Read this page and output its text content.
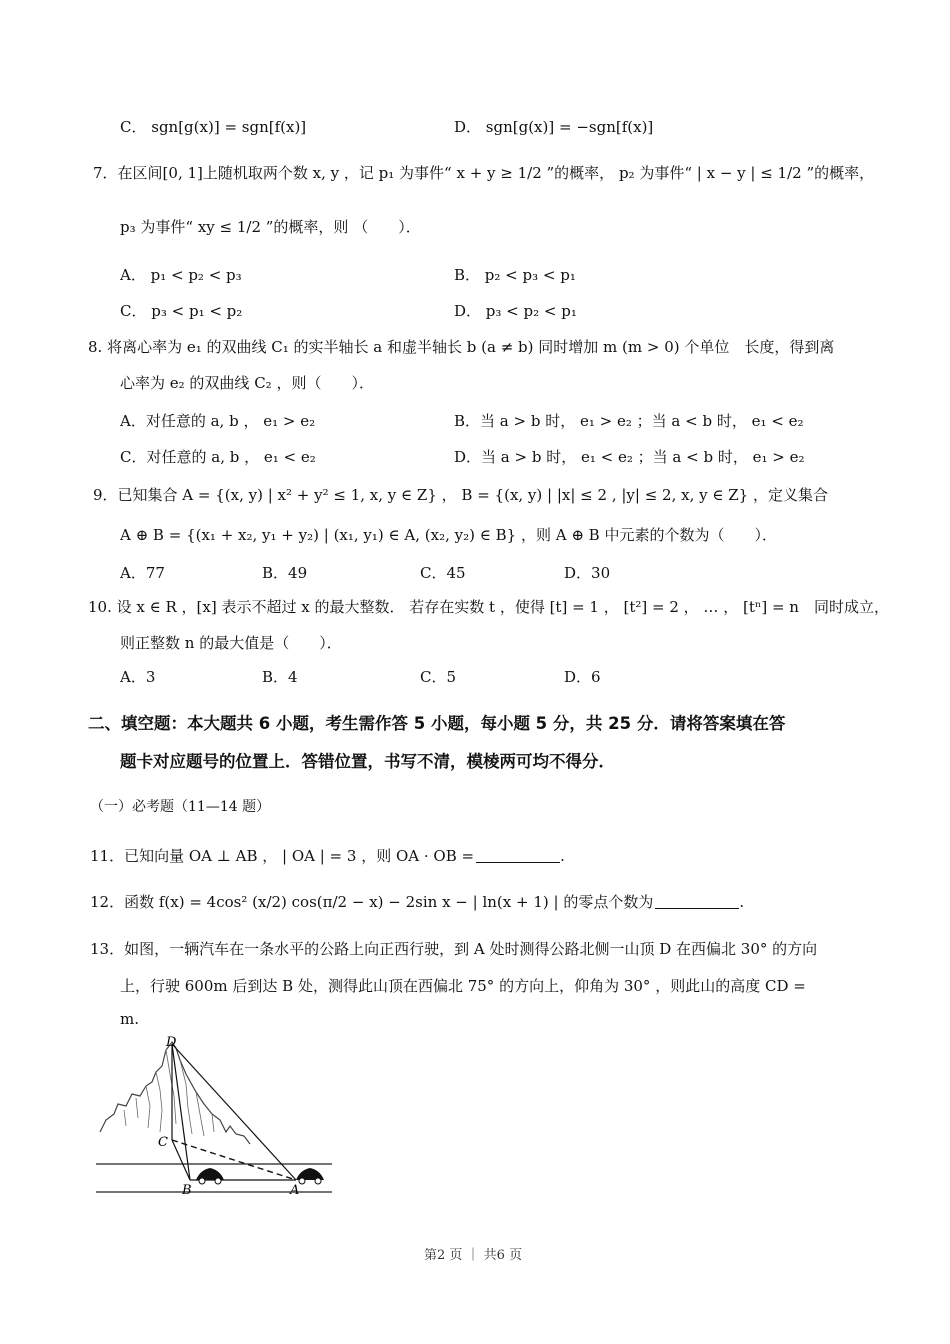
C． sgn[g(x)] = sgn[f(x)]	D． sgn[g(x)] = −sgn[f(x)]
7．在区间[0, 1]上随机取两个数 x, y ，记 p₁ 为事件“ x + y ≥ 1/2 ”的概率， p₂ 为事件“ | x − y | ≤ 1/2 ”的概率，
p₃ 为事件“ xy ≤ 1/2 ”的概率，则 （　　）．
A． p₁ < p₂ < p₃	B． p₂ < p₃ < p₁
C． p₃ < p₁ < p₂	D． p₃ < p₂ < p₁
8. 将离心率为 e₁ 的双曲线 C₁ 的实半轴长 a 和虚半轴长 b (a ≠ b) 同时增加 m (m > 0) 个单位　长度，得到离
心率为 e₂ 的双曲线 C₂ ，则（　　）．
A．对任意的 a, b ， e₁ > e₂	B．当 a > b 时， e₁ > e₂ ；当 a < b 时， e₁ < e₂
C．对任意的 a, b ， e₁ < e₂	D．当 a > b 时， e₁ < e₂ ；当 a < b 时， e₁ > e₂
9．已知集合 A = {(x, y) | x² + y² ≤ 1, x, y ∈ Z} ， B = {(x, y) | |x| ≤ 2 , |y| ≤ 2, x, y ∈ Z} ，定义集合
A ⊕ B = {(x₁ + x₂, y₁ + y₂) | (x₁, y₁) ∈ A, (x₂, y₂) ∈ B} ，则 A ⊕ B 中元素的个数为（　　）．
A．77	B．49	C．45	D．30
10. 设 x ∈ R ，[x] 表示不超过 x 的最大整数． 若存在实数 t ，使得 [t] = 1 ， [t²] = 2 ， … ， [tⁿ] = n　同时成立，
则正整数 n 的最大值是（　　）．
A．3	B．4	C．5	D．6
二、填空题：本大题共 6 小题，考生需作答 5 小题，每小题 5 分，共 25 分．请将答案填在答
题卡对应题号的位置上．答错位置，书写不清，模棱两可均不得分．
（一）必考题（11—14 题）
11．已知向量 OA ⊥ AB ， | OA | = 3 ，则 OA · OB =	.
12．函数 f(x) = 4cos² (x/2) cos(π/2 − x) − 2sin x − | ln(x + 1) | 的零点个数为	.
13．如图，一辆汽车在一条水平的公路上向正西行驶，到 A 处时测得公路北侧一山顶 D 在西偏北 30° 的方向
上，行驶 600m 后到达 B 处，测得此山顶在西偏北 75° 的方向上，仰角为 30° ，则此山的高度 CD =
m.
D
C
B	A
第2 页 ｜ 共6 页
